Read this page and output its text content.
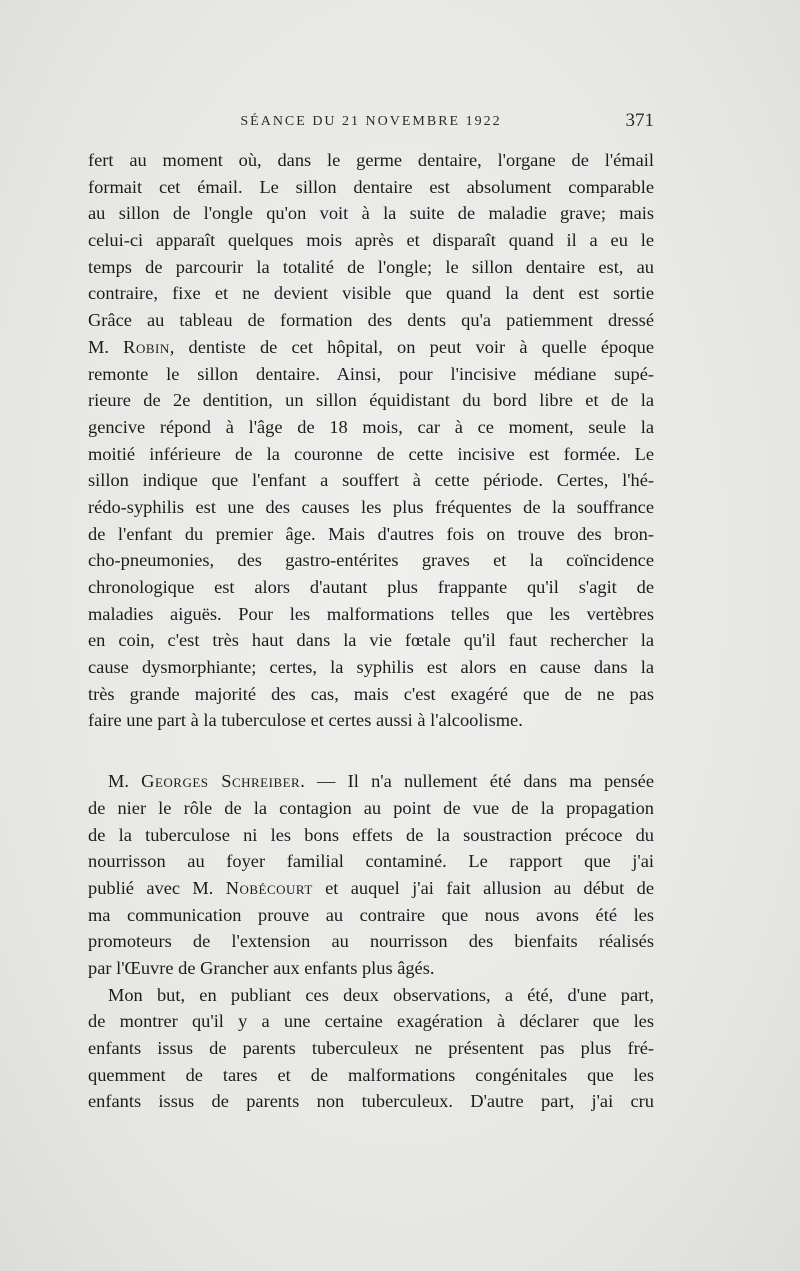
SÉANCE DU 21 NOVEMBRE 1922	371
fert au moment où, dans le germe dentaire, l'organe de l'émail
formait cet émail. Le sillon dentaire est absolument comparable
au sillon de l'ongle qu'on voit à la suite de maladie grave; mais
celui-ci apparaît quelques mois après et disparaît quand il a eu le
temps de parcourir la totalité de l'ongle; le sillon dentaire est, au
contraire, fixe et ne devient visible que quand la dent est sortie
Grâce au tableau de formation des dents qu'a patiemment dressé
M. Robin, dentiste de cet hôpital, on peut voir à quelle époque
remonte le sillon dentaire. Ainsi, pour l'incisive médiane supé-
rieure de 2e dentition, un sillon équidistant du bord libre et de la
gencive répond à l'âge de 18 mois, car à ce moment, seule la
moitié inférieure de la couronne de cette incisive est formée. Le
sillon indique que l'enfant a souffert à cette période. Certes, l'hé-
rédo-syphilis est une des causes les plus fréquentes de la souffrance
de l'enfant du premier âge. Mais d'autres fois on trouve des bron-
cho-pneumonies, des gastro-entérites graves et la coïncidence
chronologique est alors d'autant plus frappante qu'il s'agit de
maladies aiguës. Pour les malformations telles que les vertèbres
en coin, c'est très haut dans la vie fœtale qu'il faut rechercher la
cause dysmorphiante; certes, la syphilis est alors en cause dans la
très grande majorité des cas, mais c'est exagéré que de ne pas
faire une part à la tuberculose et certes aussi à l'alcoolisme.
M. Georges Schreiber. — Il n'a nullement été dans ma pensée
de nier le rôle de la contagion au point de vue de la propagation
de la tuberculose ni les bons effets de la soustraction précoce du
nourrisson au foyer familial contaminé. Le rapport que j'ai
publié avec M. Nobécourt et auquel j'ai fait allusion au début de
ma communication prouve au contraire que nous avons été les
promoteurs de l'extension au nourrisson des bienfaits réalisés
par l'Œuvre de Grancher aux enfants plus âgés.
Mon but, en publiant ces deux observations, a été, d'une part,
de montrer qu'il y a une certaine exagération à déclarer que les
enfants issus de parents tuberculeux ne présentent pas plus fré-
quemment de tares et de malformations congénitales que les
enfants issus de parents non tuberculeux. D'autre part, j'ai cru
